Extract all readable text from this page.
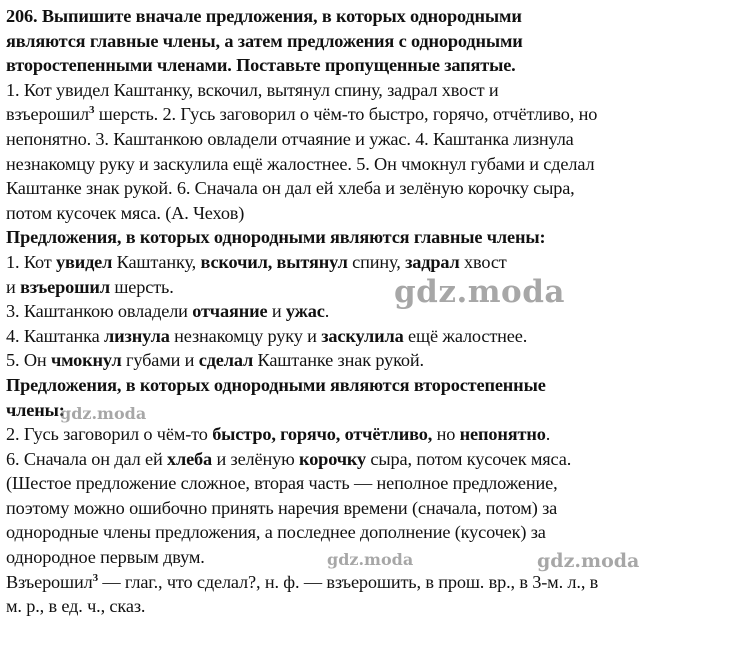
206. Выпишите вначале предложения, в которых однородными
являются главные члены, а затем предложения с однородными
второстепенными членами. Поставьте пропущенные запятые.
1. Кот увидел Каштанку, вскочил, вытянул спину, задрал хвост и
взъерошил$^3$ шерсть. 2. Гусь заговорил о чём-то быстро, горячо, отчётливо, но
непонятно. 3. Каштанкою овладели отчаяние и ужас. 4. Каштанка лизнула
незнакомцу руку и заскулила ещё жалостнее. 5. Он чмокнул губами и сделал
Каштанке знак рукой. 6. Сначала он дал ей хлеба и зелёную корочку сыра,
потом кусочек мяса. (А. Чехов)
Предложения, в которых однородными являются главные члены:
1. Кот увидел Каштанку, вскочил, вытянул спину, задрал хвост
и взъерошил шерсть.
3. Каштанкою овладели отчаяние и ужас.
4. Каштанка лизнула незнакомцу руку и заскулила ещё жалостнее.
5. Он чмокнул губами и сделал Каштанке знак рукой.
Предложения, в которых однородными являются второстепенные
члены:
2. Гусь заговорил о чём-то быстро, горячо, отчётливо, но непонятно.
6. Сначала он дал ей хлеба и зелёную корочку сыра, потом кусочек мяса.
(Шестое предложение сложное, вторая часть — неполное предложение,
поэтому можно ошибочно принять наречия времени (сначала, потом) за
однородные члены предложения, а последнее дополнение (кусочек) за
однородное первым двум.
Взъерошил$^3$ — глаг., что сделал?, н. ф. — взъерошить, в прош. вр., в 3-м. л., в
м. р., в ед. ч., сказ.
gdz.moda
gdz.moda
gdz.moda	gdz.moda
